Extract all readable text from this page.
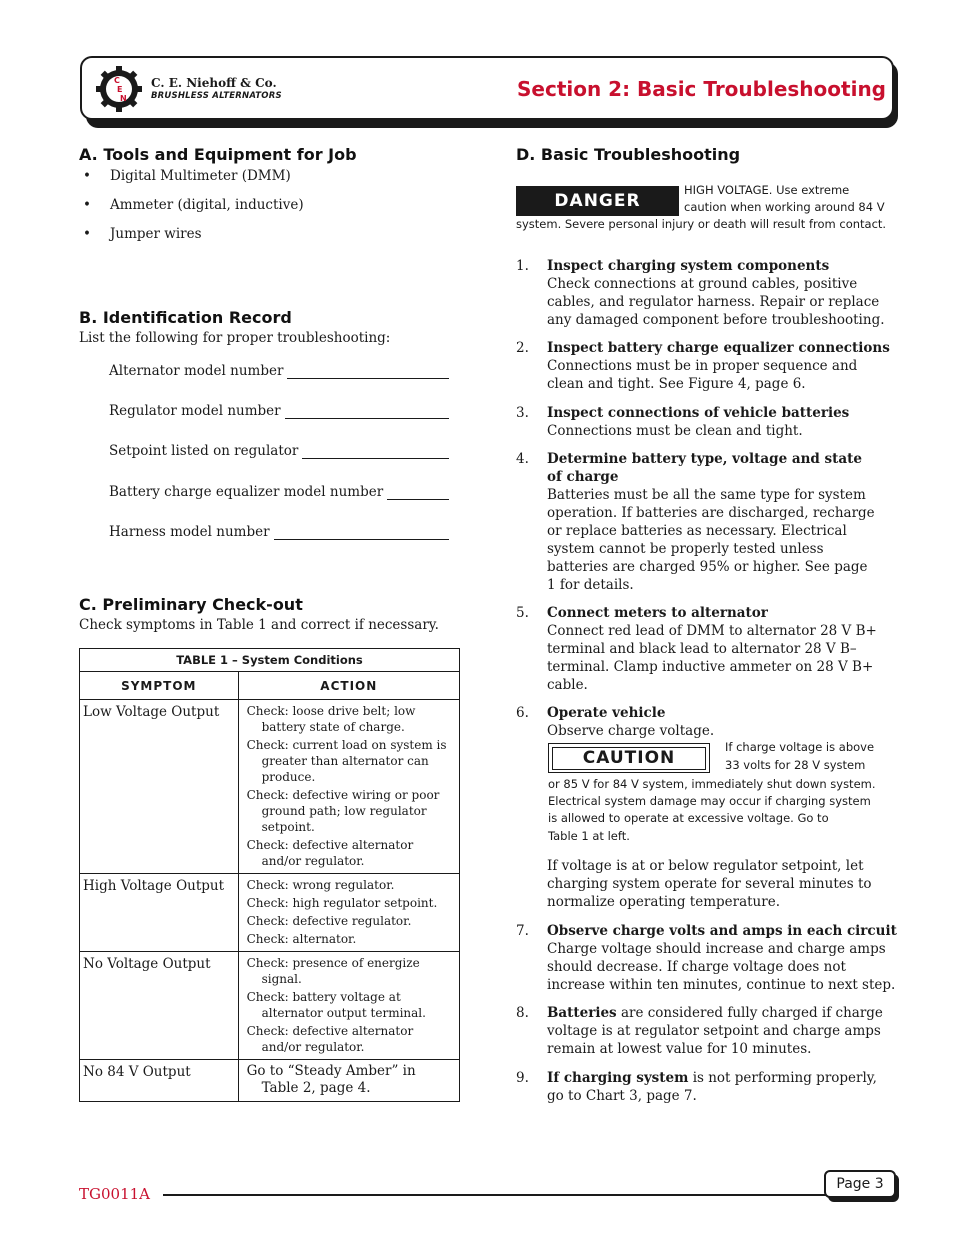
C
E
N
C. E. Niehoff & Co.
BRUSHLESS ALTERNATORS	Section 2: Basic Troubleshooting
A. Tools and Equipment for Job
• Digital Multimeter (DMM)
• Ammeter (digital, inductive)
• Jumper wires
B. Identification Record
List the following for proper troubleshooting:
Alternator model number
Regulator model number
Setpoint listed on regulator
Battery charge equalizer model number
Harness model number
C. Preliminary Check-out
Check symptoms in Table 1 and correct if necessary.
TABLE 1 – System Conditions	
SYMPTOM	ACTION
Low Voltage Output	Check: loose drive belt; low battery state of charge.
Check: current load on system is greater than alternator can produce.
Check: defective wiring or poor ground path; low regulator setpoint.
Check: defective alternator and/or regulator.

High Voltage Output	Check: wrong regulator.
Check: high regulator setpoint.
Check: defective regulator.
Check: alternator.

No Voltage Output	Check: presence of energize signal.
Check: battery voltage at alternator output terminal.
Check: defective alternator and/or regulator.

No 84 V Output	Go to “Steady Amber” in Table 2, page 4.
D. Basic Troubleshooting
DANGER
HIGH VOLTAGE. Use extreme
caution when working around 84 V
system. Severe personal injury or death will result from contact.
1. Inspect charging system components
Check connections at ground cables, positive cables, and regulator harness. Repair or replace any damaged component before troubleshooting.
2. Inspect battery charge equalizer connections
Connections must be in proper sequence and clean and tight. See Figure 4, page 6.
3. Inspect connections of vehicle batteries
Connections must be clean and tight.
4. Determine battery type, voltage and state of charge
Batteries must be all the same type for system operation. If batteries are discharged, recharge or replace batteries as necessary. Electrical system cannot be properly tested unless batteries are charged 95% or higher. See page 1 for details.
5. Connect meters to alternator
Connect red lead of DMM to alternator 28 V B+ terminal and black lead to alternator 28 V B– terminal. Clamp inductive ammeter on 28 V B+ cable.
6. Operate vehicle
Observe charge voltage.
CAUTION
If charge voltage is above
33 volts for 28 V system
or 85 V for 84 V system, immediately shut down system.
Electrical system damage may occur if charging system
is allowed to operate at excessive voltage. Go to
Table 1 at left.
If voltage is at or below regulator setpoint, let charging system operate for several minutes to normalize operating temperature.
7. Observe charge volts and amps in each circuit
Charge voltage should increase and charge amps should decrease. If charge voltage does not increase within ten minutes, continue to next step.
8. Batteries are considered fully charged if charge voltage is at regulator setpoint and charge amps remain at lowest value for 10 minutes.
9. If charging system is not performing properly, go to Chart 3, page 7.
TG0011A
Page 3
